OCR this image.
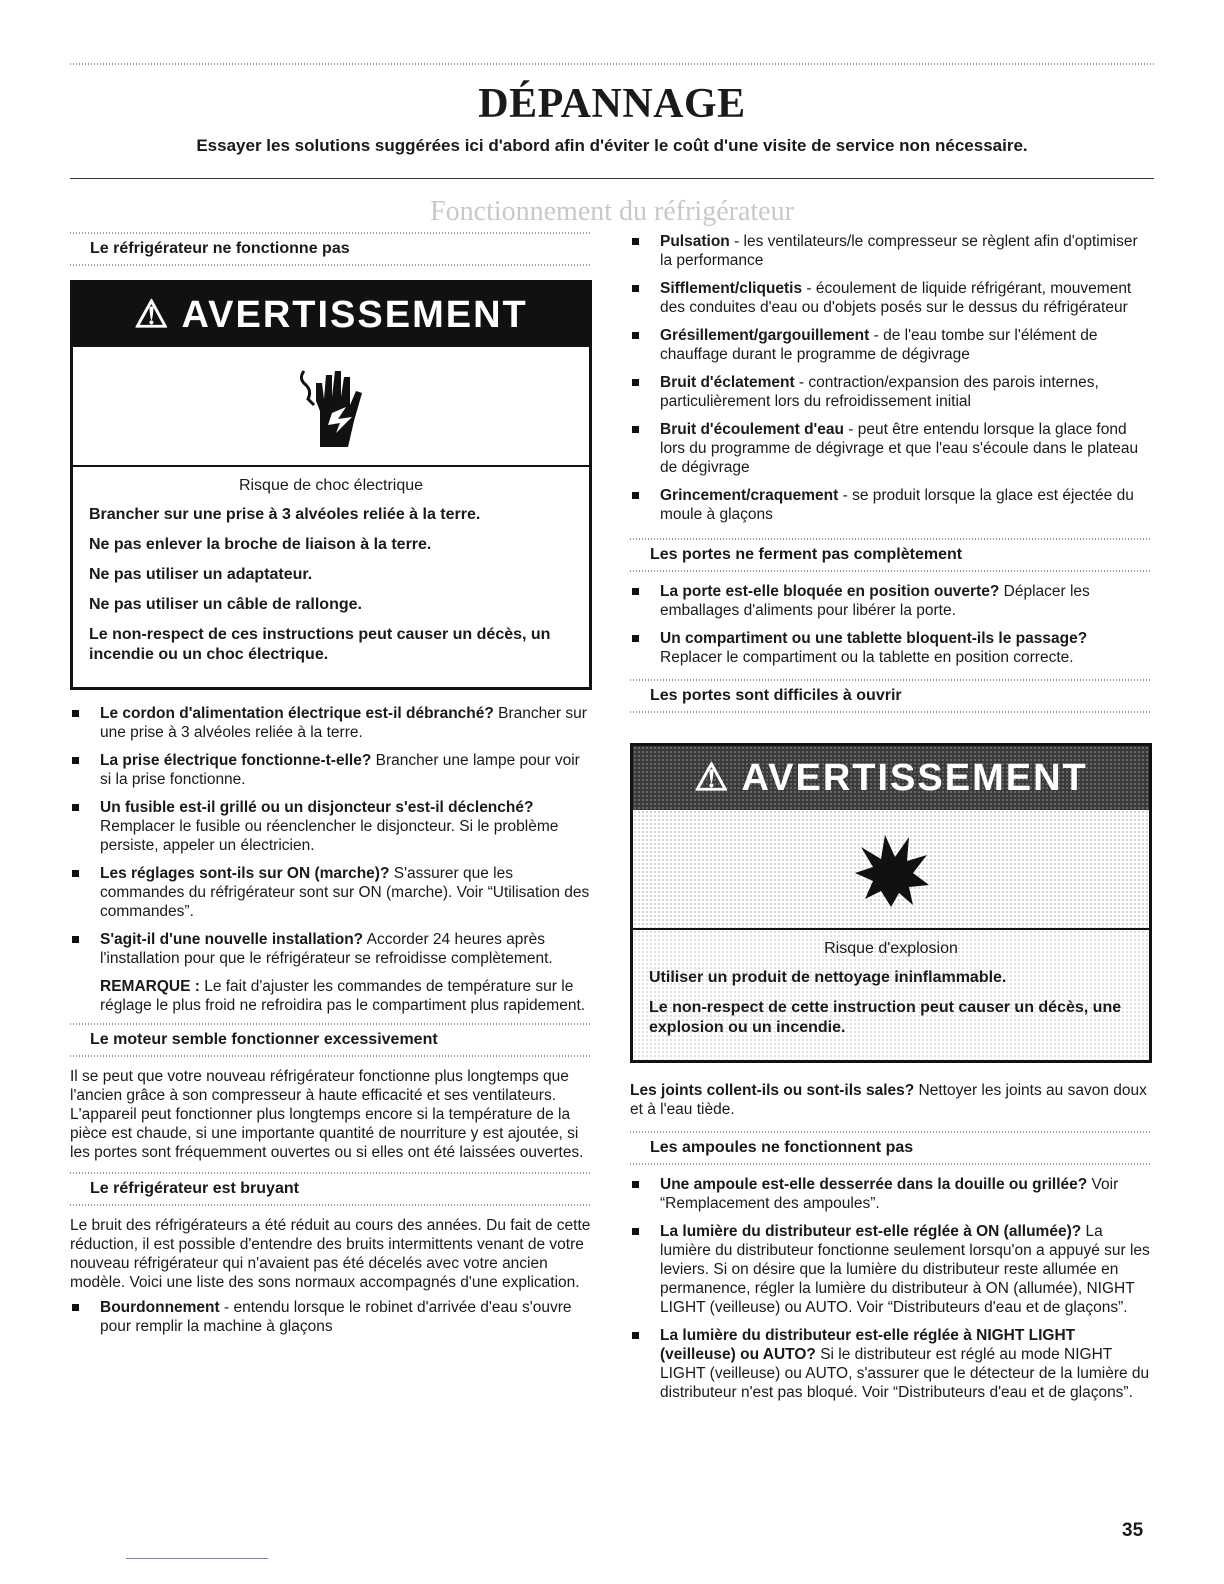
DÉPANNAGE
Essayer les solutions suggérées ici d'abord afin d'éviter le coût d'une visite de service non nécessaire.
Fonctionnement du réfrigérateur
Le réfrigérateur ne fonctionne pas
⚠ AVERTISSEMENT
Risque de choc électrique
Brancher sur une prise à 3 alvéoles reliée à la terre.
Ne pas enlever la broche de liaison à la terre.
Ne pas utiliser un adaptateur.
Ne pas utiliser un câble de rallonge.
Le non-respect de ces instructions peut causer un décès, un incendie ou un choc électrique.
Le cordon d'alimentation électrique est-il débranché? Brancher sur une prise à 3 alvéoles reliée à la terre.
La prise électrique fonctionne-t-elle? Brancher une lampe pour voir si la prise fonctionne.
Un fusible est-il grillé ou un disjoncteur s'est-il déclenché? Remplacer le fusible ou réenclencher le disjoncteur. Si le problème persiste, appeler un électricien.
Les réglages sont-ils sur ON (marche)? S'assurer que les commandes du réfrigérateur sont sur ON (marche). Voir “Utilisation des commandes”.
S'agit-il d'une nouvelle installation? Accorder 24 heures après l'installation pour que le réfrigérateur se refroidisse complètement.
REMARQUE : Le fait d'ajuster les commandes de température sur le réglage le plus froid ne refroidira pas le compartiment plus rapidement.
Le moteur semble fonctionner excessivement
Il se peut que votre nouveau réfrigérateur fonctionne plus longtemps que l'ancien grâce à son compresseur à haute efficacité et ses ventilateurs. L'appareil peut fonctionner plus longtemps encore si la température de la pièce est chaude, si une importante quantité de nourriture y est ajoutée, si les portes sont fréquemment ouvertes ou si elles ont été laissées ouvertes.
Le réfrigérateur est bruyant
Le bruit des réfrigérateurs a été réduit au cours des années. Du fait de cette réduction, il est possible d'entendre des bruits intermittents venant de votre nouveau réfrigérateur qui n'avaient pas été décelés avec votre ancien modèle. Voici une liste des sons normaux accompagnés d'une explication.
Bourdonnement - entendu lorsque le robinet d'arrivée d'eau s'ouvre pour remplir la machine à glaçons
Pulsation - les ventilateurs/le compresseur se règlent afin d'optimiser la performance
Sifflement/cliquetis - écoulement de liquide réfrigérant, mouvement des conduites d'eau ou d'objets posés sur le dessus du réfrigérateur
Grésillement/gargouillement - de l'eau tombe sur l'élément de chauffage durant le programme de dégivrage
Bruit d'éclatement - contraction/expansion des parois internes, particulièrement lors du refroidissement initial
Bruit d'écoulement d'eau - peut être entendu lorsque la glace fond lors du programme de dégivrage et que l'eau s'écoule dans le plateau de dégivrage
Grincement/craquement - se produit lorsque la glace est éjectée du moule à glaçons
Les portes ne ferment pas complètement
La porte est-elle bloquée en position ouverte? Déplacer les emballages d'aliments pour libérer la porte.
Un compartiment ou une tablette bloquent-ils le passage? Replacer le compartiment ou la tablette en position correcte.
Les portes sont difficiles à ouvrir
⚠ AVERTISSEMENT
Risque d'explosion
Utiliser un produit de nettoyage ininflammable.
Le non-respect de cette instruction peut causer un décès, une explosion ou un incendie.
Les joints collent-ils ou sont-ils sales? Nettoyer les joints au savon doux et à l'eau tiède.
Les ampoules ne fonctionnent pas
Une ampoule est-elle desserrée dans la douille ou grillée? Voir “Remplacement des ampoules”.
La lumière du distributeur est-elle réglée à ON (allumée)? La lumière du distributeur fonctionne seulement lorsqu'on a appuyé sur les leviers. Si on désire que la lumière du distributeur reste allumée en permanence, régler la lumière du distributeur à ON (allumée), NIGHT LIGHT (veilleuse) ou AUTO. Voir “Distributeurs d'eau et de glaçons”.
La lumière du distributeur est-elle réglée à NIGHT LIGHT (veilleuse) ou AUTO? Si le distributeur est réglé au mode NIGHT LIGHT (veilleuse) ou AUTO, s'assurer que le détecteur de la lumière du distributeur n'est pas bloqué. Voir “Distributeurs d'eau et de glaçons”.
35
